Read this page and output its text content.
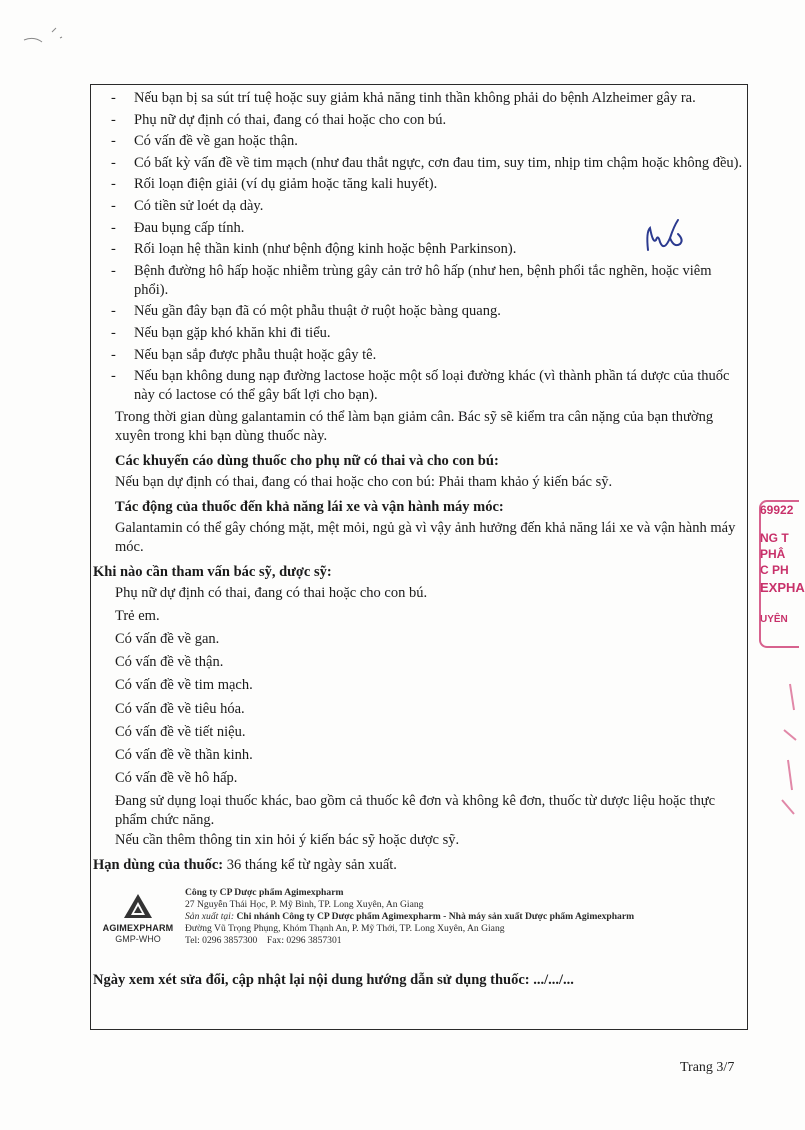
- Nếu bạn bị sa sút trí tuệ hoặc suy giảm khả năng tinh thần không phải do bệnh Alzheimer gây ra.
- Phụ nữ dự định có thai, đang có thai hoặc cho con bú.
- Có vấn đề về gan hoặc thận.
- Có bất kỳ vấn đề về tim mạch (như đau thắt ngực, cơn đau tim, suy tim, nhịp tim chậm hoặc không đều).
- Rối loạn điện giải (ví dụ giảm hoặc tăng kali huyết).
- Có tiền sử loét dạ dày.
- Đau bụng cấp tính.
- Rối loạn hệ thần kinh (như bệnh động kinh hoặc bệnh Parkinson).
- Bệnh đường hô hấp hoặc nhiễm trùng gây cản trở hô hấp (như hen, bệnh phổi tắc nghẽn, hoặc viêm phổi).
- Nếu gần đây bạn đã có một phẫu thuật ở ruột hoặc bàng quang.
- Nếu bạn gặp khó khăn khi đi tiểu.
- Nếu bạn sắp được phẫu thuật hoặc gây tê.
- Nếu bạn không dung nạp đường lactose hoặc một số loại đường khác (vì thành phần tá dược của thuốc này có lactose có thể gây bất lợi cho bạn).

Trong thời gian dùng galantamin có thể làm bạn giảm cân. Bác sỹ sẽ kiểm tra cân nặng của bạn thường xuyên trong khi bạn dùng thuốc này.

Các khuyến cáo dùng thuốc cho phụ nữ có thai và cho con bú:

Nếu bạn dự định có thai, đang có thai hoặc cho con bú: Phải tham khảo ý kiến bác sỹ.

Tác động của thuốc đến khả năng lái xe và vận hành máy móc:

Galantamin có thể gây chóng mặt, mệt mỏi, ngủ gà vì vậy ảnh hưởng đến khả năng lái xe và vận hành máy móc.

Khi nào cần tham vấn bác sỹ, dược sỹ:
Phụ nữ dự định có thai, đang có thai hoặc cho con bú.
Trẻ em.
Có vấn đề về gan.
Có vấn đề về thận.
Có vấn đề về tim mạch.
Có vấn đề về tiêu hóa.
Có vấn đề về tiết niệu.
Có vấn đề về thần kinh.
Có vấn đề về hô hấp.
Đang sử dụng loại thuốc khác, bao gồm cả thuốc kê đơn và không kê đơn, thuốc từ dược liệu hoặc thực phẩm chức năng.
Nếu cần thêm thông tin xin hỏi ý kiến bác sỹ hoặc dược sỹ.
Hạn dùng của thuốc: 36 tháng kể từ ngày sản xuất.
AGIMEXPHARM
GMP-WHO
Công ty CP Dược phẩm Agimexpharm
27 Nguyễn Thái Học, P. Mỹ Bình, TP. Long Xuyên, An Giang
Sản xuất tại: Chi nhánh Công ty CP Dược phẩm Agimexpharm - Nhà máy sản xuất Dược phẩm Agimexpharm
Đường Vũ Trọng Phụng, Khóm Thạnh An, P. Mỹ Thới, TP. Long Xuyên, An Giang
Tel: 0296 3857300    Fax: 0296 3857301
Ngày xem xét sửa đổi, cập nhật lại nội dung hướng dẫn sử dụng thuốc: .../.../...
69922
NG T
PHÂ
C PH
EXPHA
UYÊN
Trang 3/7
